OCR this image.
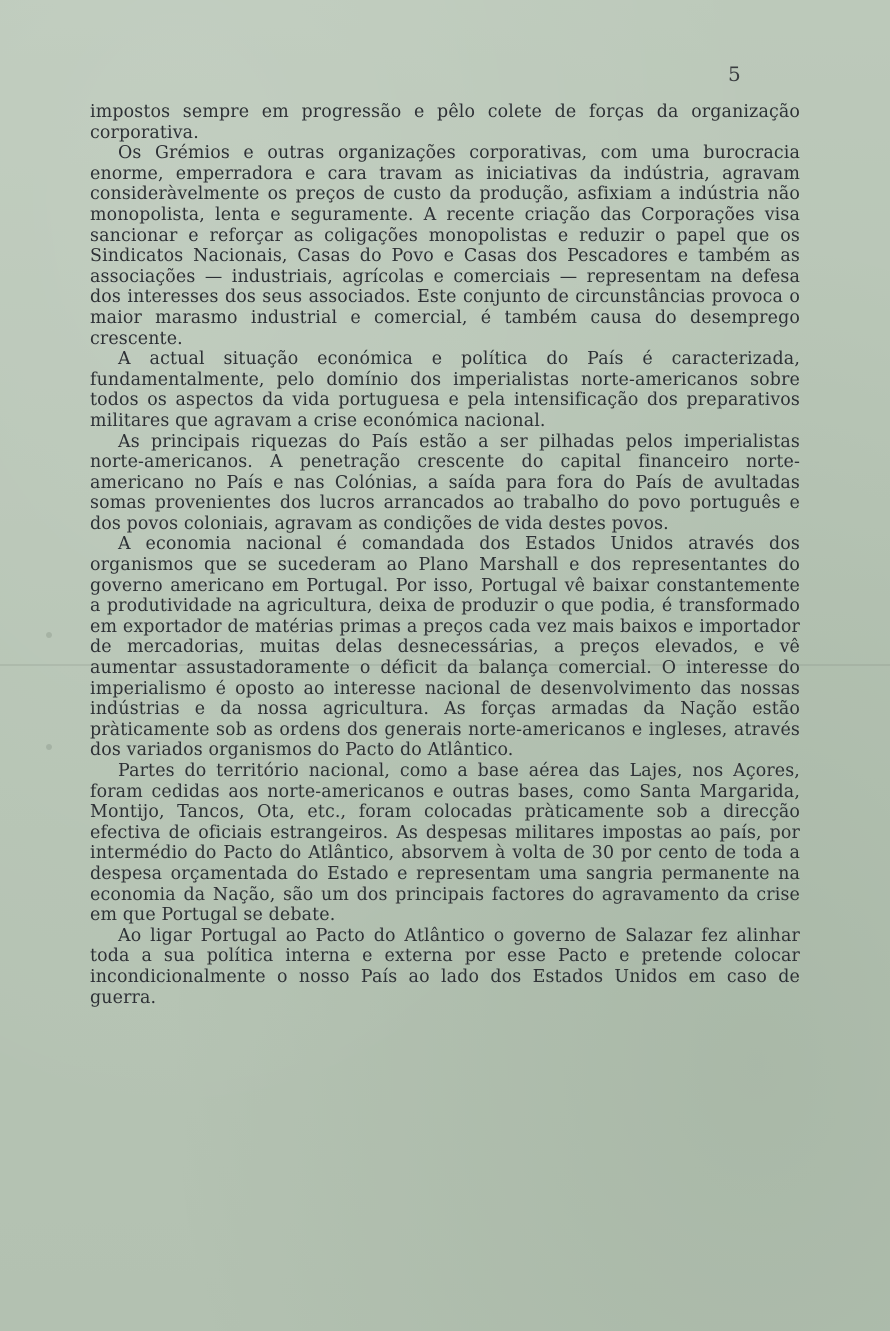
5

impostos sempre em progressão e pêlo colete de forças da organização corporativa.

Os Grémios e outras organizações corporativas, com uma burocracia enorme, emperradora e cara travam as iniciativas da indústria, agravam consideràvelmente os preços de custo da produção, asfixiam a indústria não monopolista, lenta e seguramente. A recente criação das Corporações visa sancionar e reforçar as coligações monopolistas e reduzir o papel que os Sindicatos Nacionais, Casas do Povo e Casas dos Pescadores e também as associações — industriais, agrícolas e comerciais — representam na defesa dos interesses dos seus associados. Este conjunto de circunstâncias provoca o maior marasmo industrial e comercial, é também causa do desemprego crescente.

A actual situação económica e política do País é caracterizada, fundamentalmente, pelo domínio dos imperialistas norte-americanos sobre todos os aspectos da vida portuguesa e pela intensificação dos preparativos militares que agravam a crise económica nacional.

As principais riquezas do País estão a ser pilhadas pelos imperialistas norte-americanos. A penetração crescente do capital financeiro norte-americano no País e nas Colónias, a saída para fora do País de avultadas somas provenientes dos lucros arrancados ao trabalho do povo português e dos povos coloniais, agravam as condições de vida destes povos.

A economia nacional é comandada dos Estados Unidos através dos organismos que se sucederam ao Plano Marshall e dos representantes do governo americano em Portugal. Por isso, Portugal vê baixar constantemente a produtividade na agricultura, deixa de produzir o que podia, é transformado em exportador de matérias primas a preços cada vez mais baixos e importador de mercadorias, muitas delas desnecessárias, a preços elevados, e vê aumentar assustadoramente o déficit da balança comercial. O interesse do imperialismo é oposto ao interesse nacional de desenvolvimento das nossas indústrias e da nossa agricultura. As forças armadas da Nação estão pràticamente sob as ordens dos generais norte-americanos e ingleses, através dos variados organismos do Pacto do Atlântico.

Partes do território nacional, como a base aérea das Lajes, nos Açores, foram cedidas aos norte-americanos e outras bases, como Santa Margarida, Montijo, Tancos, Ota, etc., foram colocadas pràticamente sob a direcção efectiva de oficiais estrangeiros. As despesas militares impostas ao país, por intermédio do Pacto do Atlântico, absorvem à volta de 30 por cento de toda a despesa orçamentada do Estado e representam uma sangria permanente na economia da Nação, são um dos principais factores do agravamento da crise em que Portugal se debate.

Ao ligar Portugal ao Pacto do Atlântico o governo de Salazar fez alinhar toda a sua política interna e externa por esse Pacto e pretende colocar incondicionalmente o nosso País ao lado dos Estados Unidos em caso de guerra.
